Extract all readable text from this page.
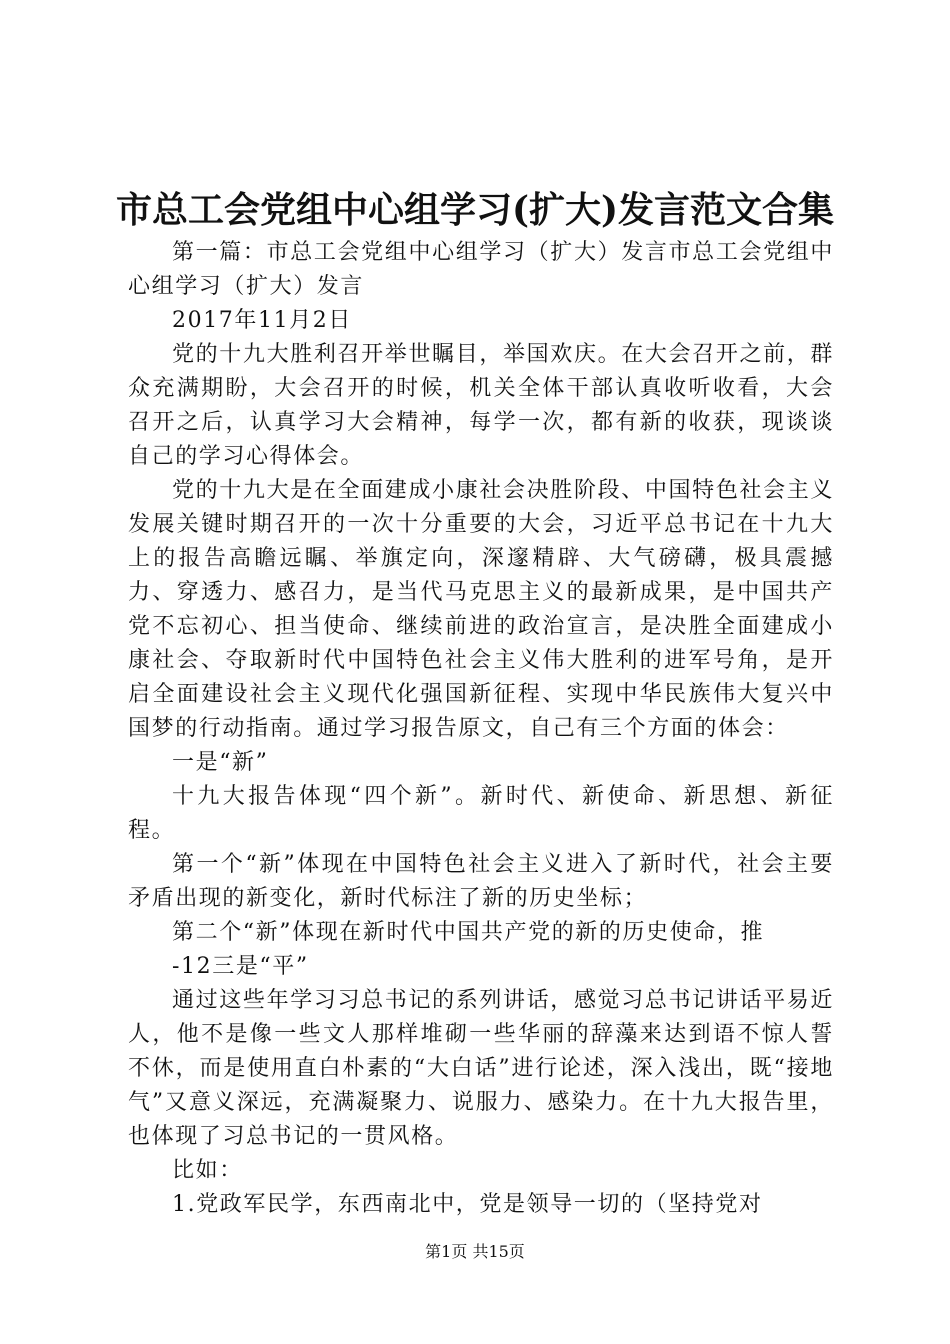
市总工会党组中心组学习(扩大)发言范文合集

第一篇：市总工会党组中心组学习（扩大）发言市总工会党组中心组学习（扩大）发言

2017年11月2日

党的十九大胜利召开举世瞩目，举国欢庆。在大会召开之前，群众充满期盼，大会召开的时候，机关全体干部认真收听收看，大会召开之后，认真学习大会精神，每学一次，都有新的收获，现谈谈自己的学习心得体会。

党的十九大是在全面建成小康社会决胜阶段、中国特色社会主义发展关键时期召开的一次十分重要的大会，习近平总书记在十九大上的报告高瞻远瞩、举旗定向，深邃精辟、大气磅礴，极具震撼力、穿透力、感召力，是当代马克思主义的最新成果，是中国共产党不忘初心、担当使命、继续前进的政治宣言，是决胜全面建成小康社会、夺取新时代中国特色社会主义伟大胜利的进军号角，是开启全面建设社会主义现代化强国新征程、实现中华民族伟大复兴中国梦的行动指南。通过学习报告原文，自己有三个方面的体会：

一是“新”

十九大报告体现“四个新”。新时代、新使命、新思想、新征程。

第一个“新”体现在中国特色社会主义进入了新时代，社会主要矛盾出现的新变化，新时代标注了新的历史坐标；

第二个“新”体现在新时代中国共产党的新的历史使命，推

-12三是“平”

通过这些年学习习总书记的系列讲话，感觉习总书记讲话平易近人，他不是像一些文人那样堆砌一些华丽的辞藻来达到语不惊人誓不休，而是使用直白朴素的“大白话”进行论述，深入浅出，既“接地气”又意义深远，充满凝聚力、说服力、感染力。在十九大报告里，也体现了习总书记的一贯风格。

比如：

1.党政军民学，东西南北中，党是领导一切的（坚持党对

第1页 共15页
